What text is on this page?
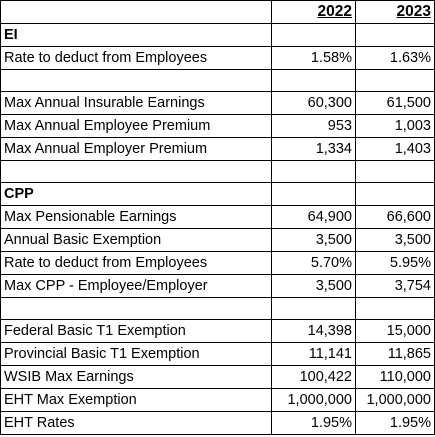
	2022	2023
EI		
Rate to deduct from Employees	1.58%	1.63%

Max Annual Insurable Earnings	60,300	61,500
Max Annual Employee Premium	953	1,003
Max Annual Employer Premium	1,334	1,403

CPP		
Max Pensionable Earnings	64,900	66,600
Annual Basic Exemption	3,500	3,500
Rate to deduct from Employees	5.70%	5.95%
Max CPP - Employee/Employer	3,500	3,754

Federal Basic T1 Exemption	14,398	15,000
Provincial Basic T1 Exemption	11,141	11,865
WSIB Max Earnings	100,422	110,000
EHT Max Exemption	1,000,000	1,000,000
EHT Rates	1.95%	1.95%
